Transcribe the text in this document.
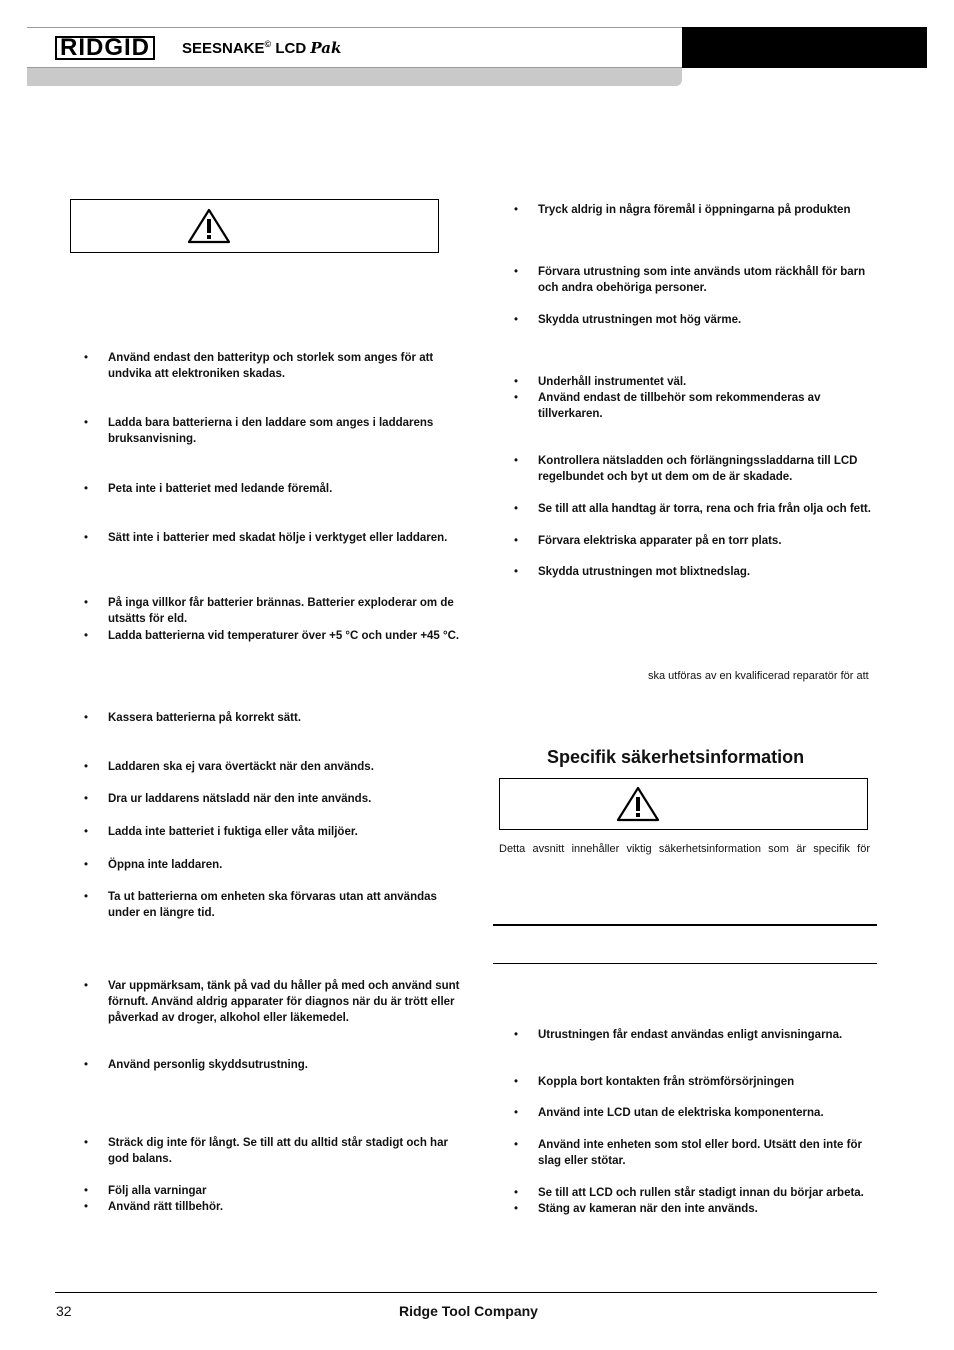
RIDGID	SEESNAKE© LCD Pak
• Använd endast den batterityp och storlek som anges för att undvika att elektroniken skadas.
• Ladda bara batterierna i den laddare som anges i laddarens bruksanvisning.
• Peta inte i batteriet med ledande föremål.
• Sätt inte i batterier med skadat hölje i verktyget eller laddaren.
• På inga villkor får batterier brännas. Batterier exploderar om de utsätts för eld.
• Ladda batterierna vid temperaturer över +5 °C och under +45 °C.
• Kassera batterierna på korrekt sätt.
• Laddaren ska ej vara övertäckt när den används.
• Dra ur laddarens nätsladd när den inte används.
• Ladda inte batteriet i fuktiga eller våta miljöer.
• Öppna inte laddaren.
• Ta ut batterierna om enheten ska förvaras utan att användas under en längre tid.
• Var uppmärksam, tänk på vad du håller på med och använd sunt förnuft. Använd aldrig apparater för diagnos när du är trött eller påverkad av droger, alkohol eller läkemedel.
• Använd personlig skyddsutrustning.
• Sträck dig inte för långt. Se till att du alltid står stadigt och har god balans.
• Följ alla varningar
• Använd rätt tillbehör.
• Tryck aldrig in några föremål i öppningarna på produkten
• Förvara utrustning som inte används utom räckhåll för barn och andra obehöriga personer.
• Skydda utrustningen mot hög värme.
• Underhåll instrumentet väl.
• Använd endast de tillbehör som rekommenderas av tillverkaren.
• Kontrollera nätsladden och förlängningssladdarna till LCD regelbundet och byt ut dem om de är skadade.
• Se till att alla handtag är torra, rena och fria från olja och fett.
• Förvara elektriska apparater på en torr plats.
• Skydda utrustningen mot blixtnedslag.
ska utföras av en kvalificerad reparatör för att
Specifik säkerhetsinformation
Detta avsnitt innehåller viktig säkerhetsinformation som är specifik för
• Utrustningen får endast användas enligt anvisningarna.
• Koppla bort kontakten från strömförsörjningen
• Använd inte LCD utan de elektriska komponenterna.
• Använd inte enheten som stol eller bord. Utsätt den inte för slag eller stötar.
• Se till att LCD och rullen står stadigt innan du börjar arbeta.
• Stäng av kameran när den inte används.
32	Ridge Tool Company
